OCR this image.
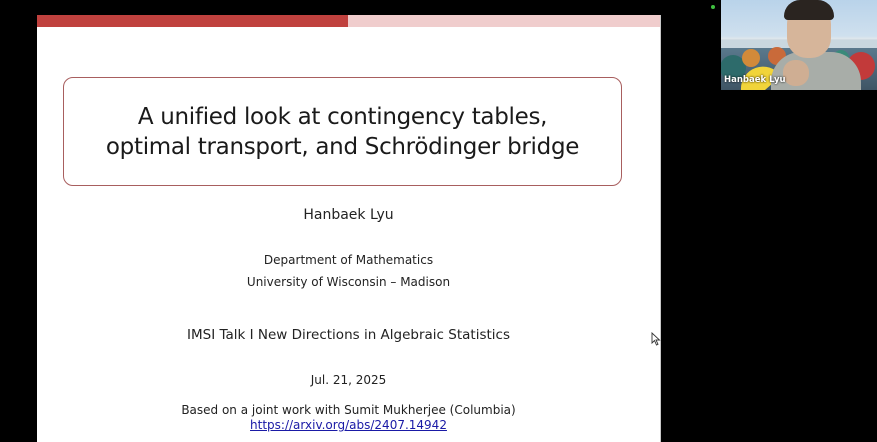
A unified look at contingency tables,
optimal transport, and Schrödinger bridge
Hanbaek Lyu
Department of Mathematics
University of Wisconsin – Madison
IMSI Talk I New Directions in Algebraic Statistics
Jul. 21, 2025
Based on a joint work with Sumit Mukherjee (Columbia)
https://arxiv.org/abs/2407.14942
Hanbaek Lyu
